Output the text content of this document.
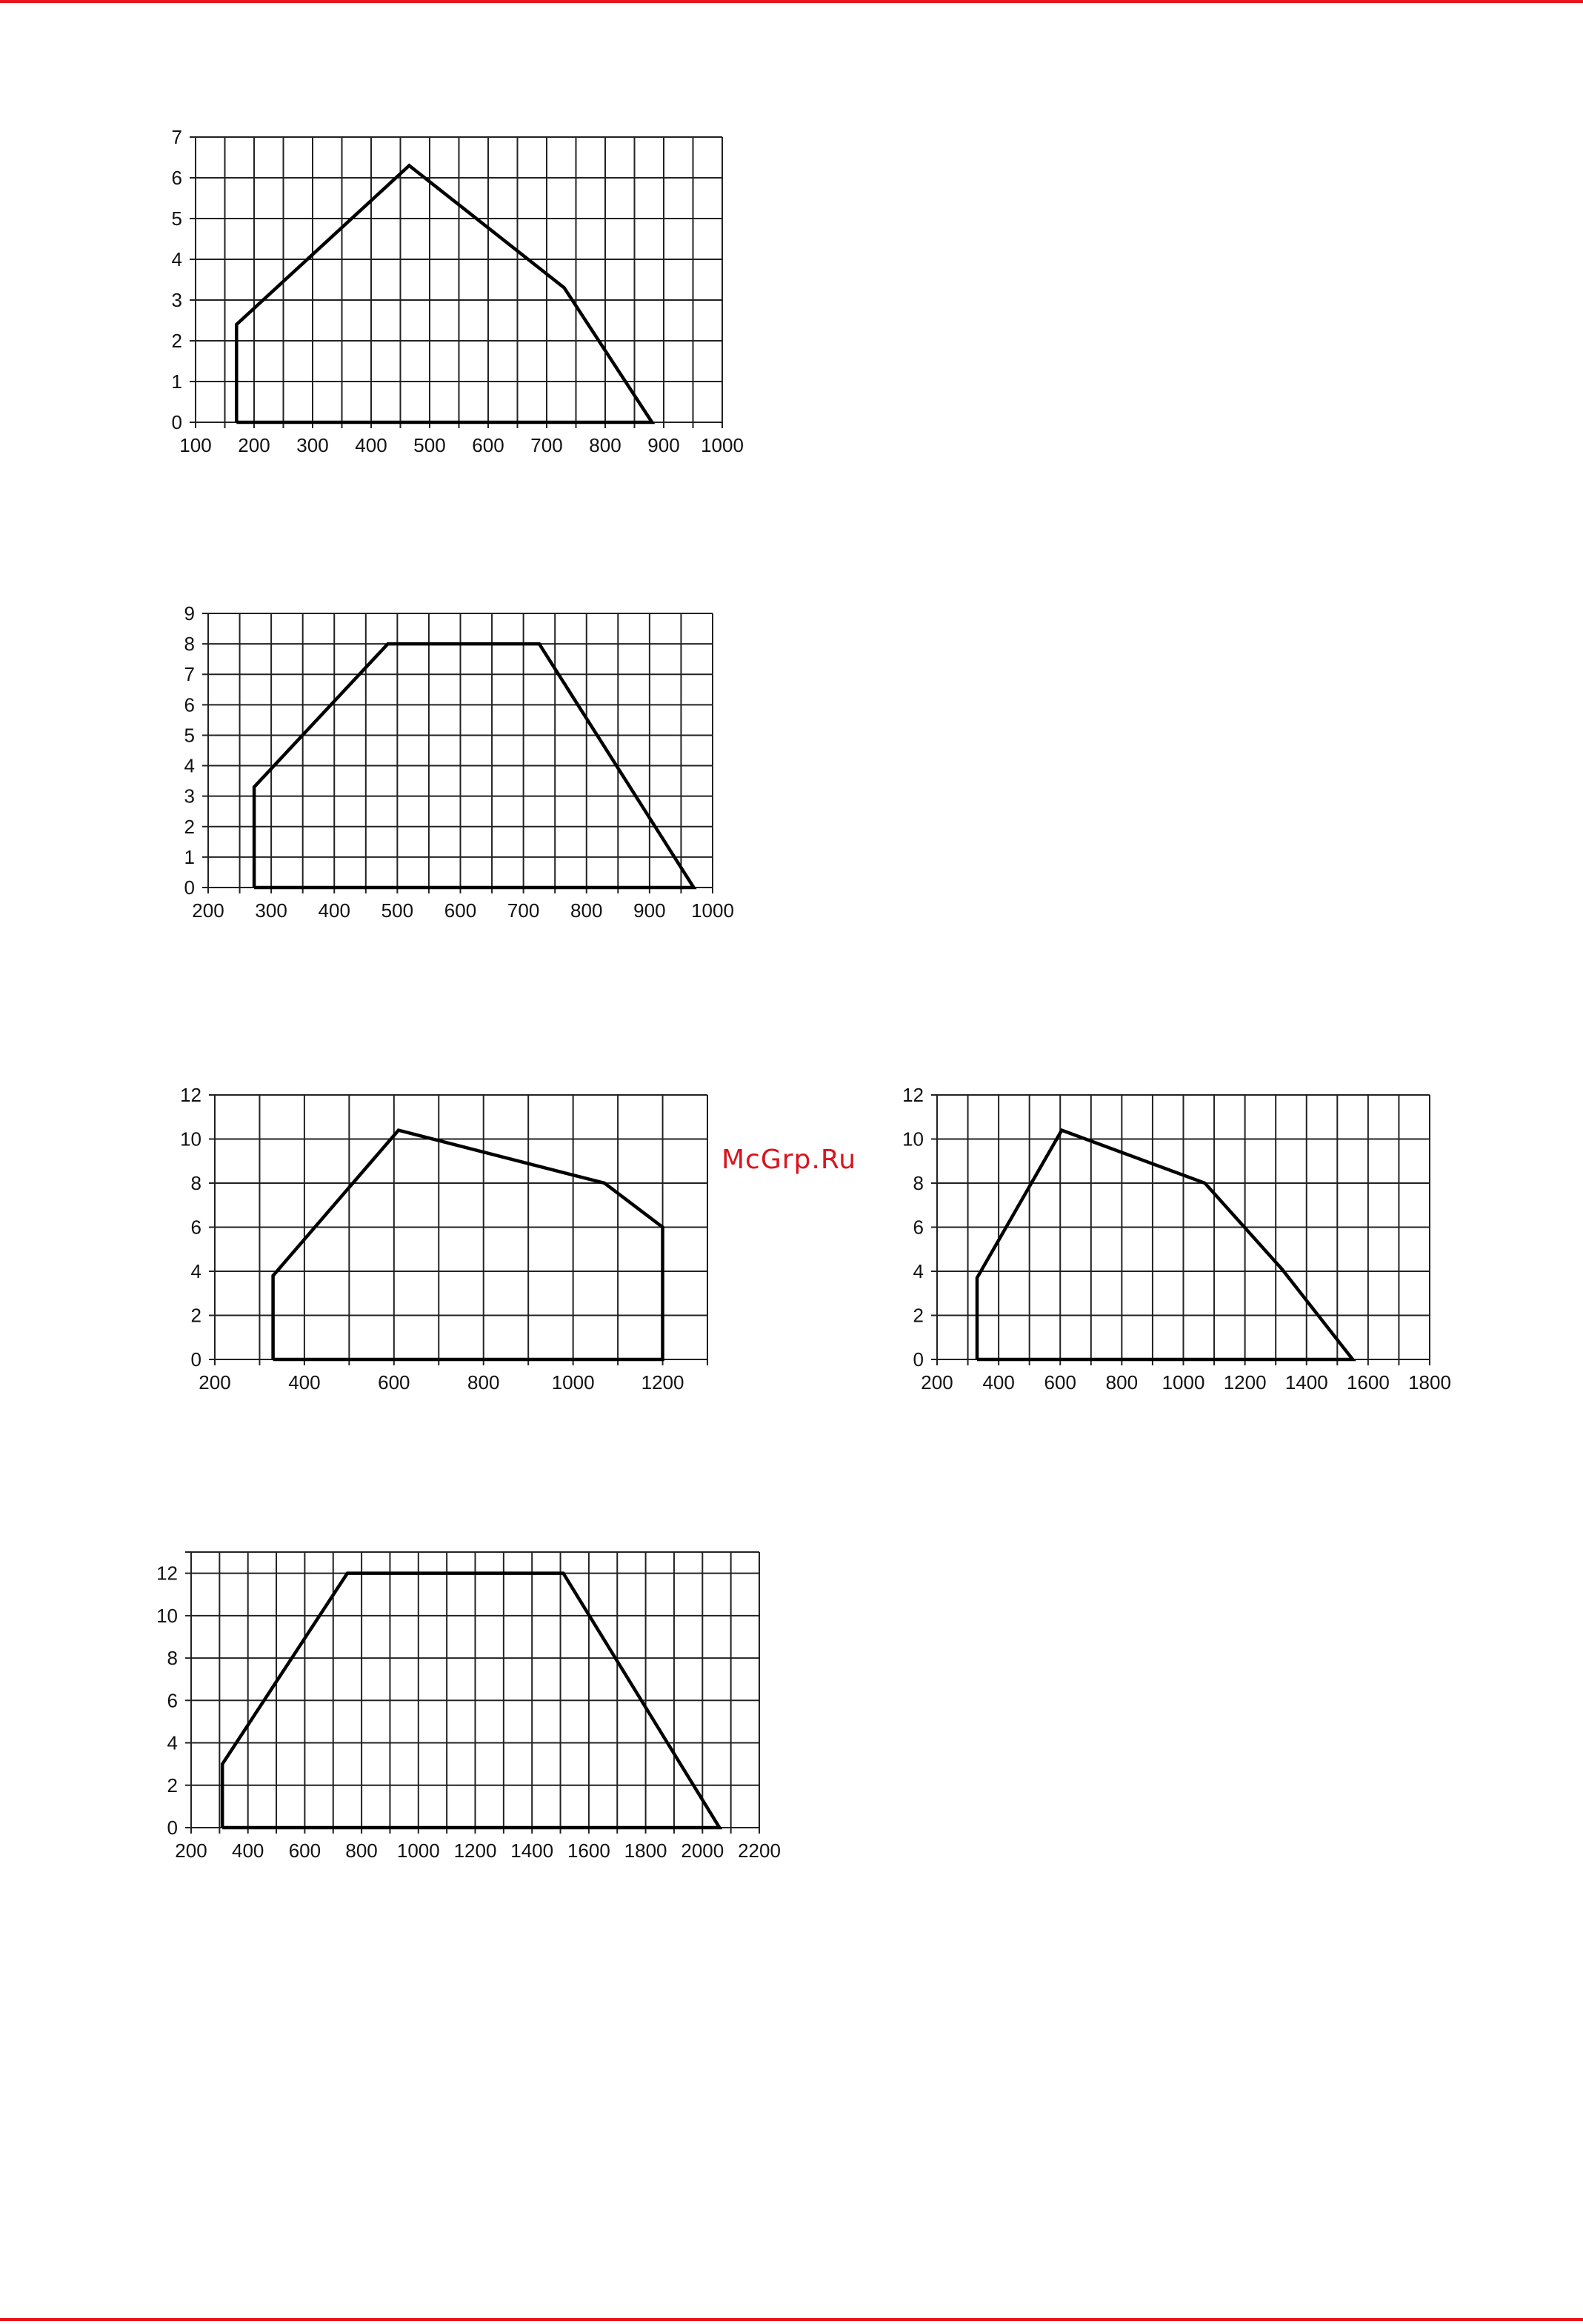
0
1
2
3
4
5
6
7
100 200 300 400 500 600 700 800 900 1000
0
1
2
3
4
5
6
7
8
9
200 300 400 500 600 700 800 900 1000
0
2
4
6
8
10
12
200	400	600	800	1000 1200
0
2
4
6
8
10
12
200 400 600 800 1000 1200 1400 1600 1800
0
2
4
6
8
10
12
200 400 600 800 1000 1200 1400 1600 1800 2000 2200
McGrp.Ru
